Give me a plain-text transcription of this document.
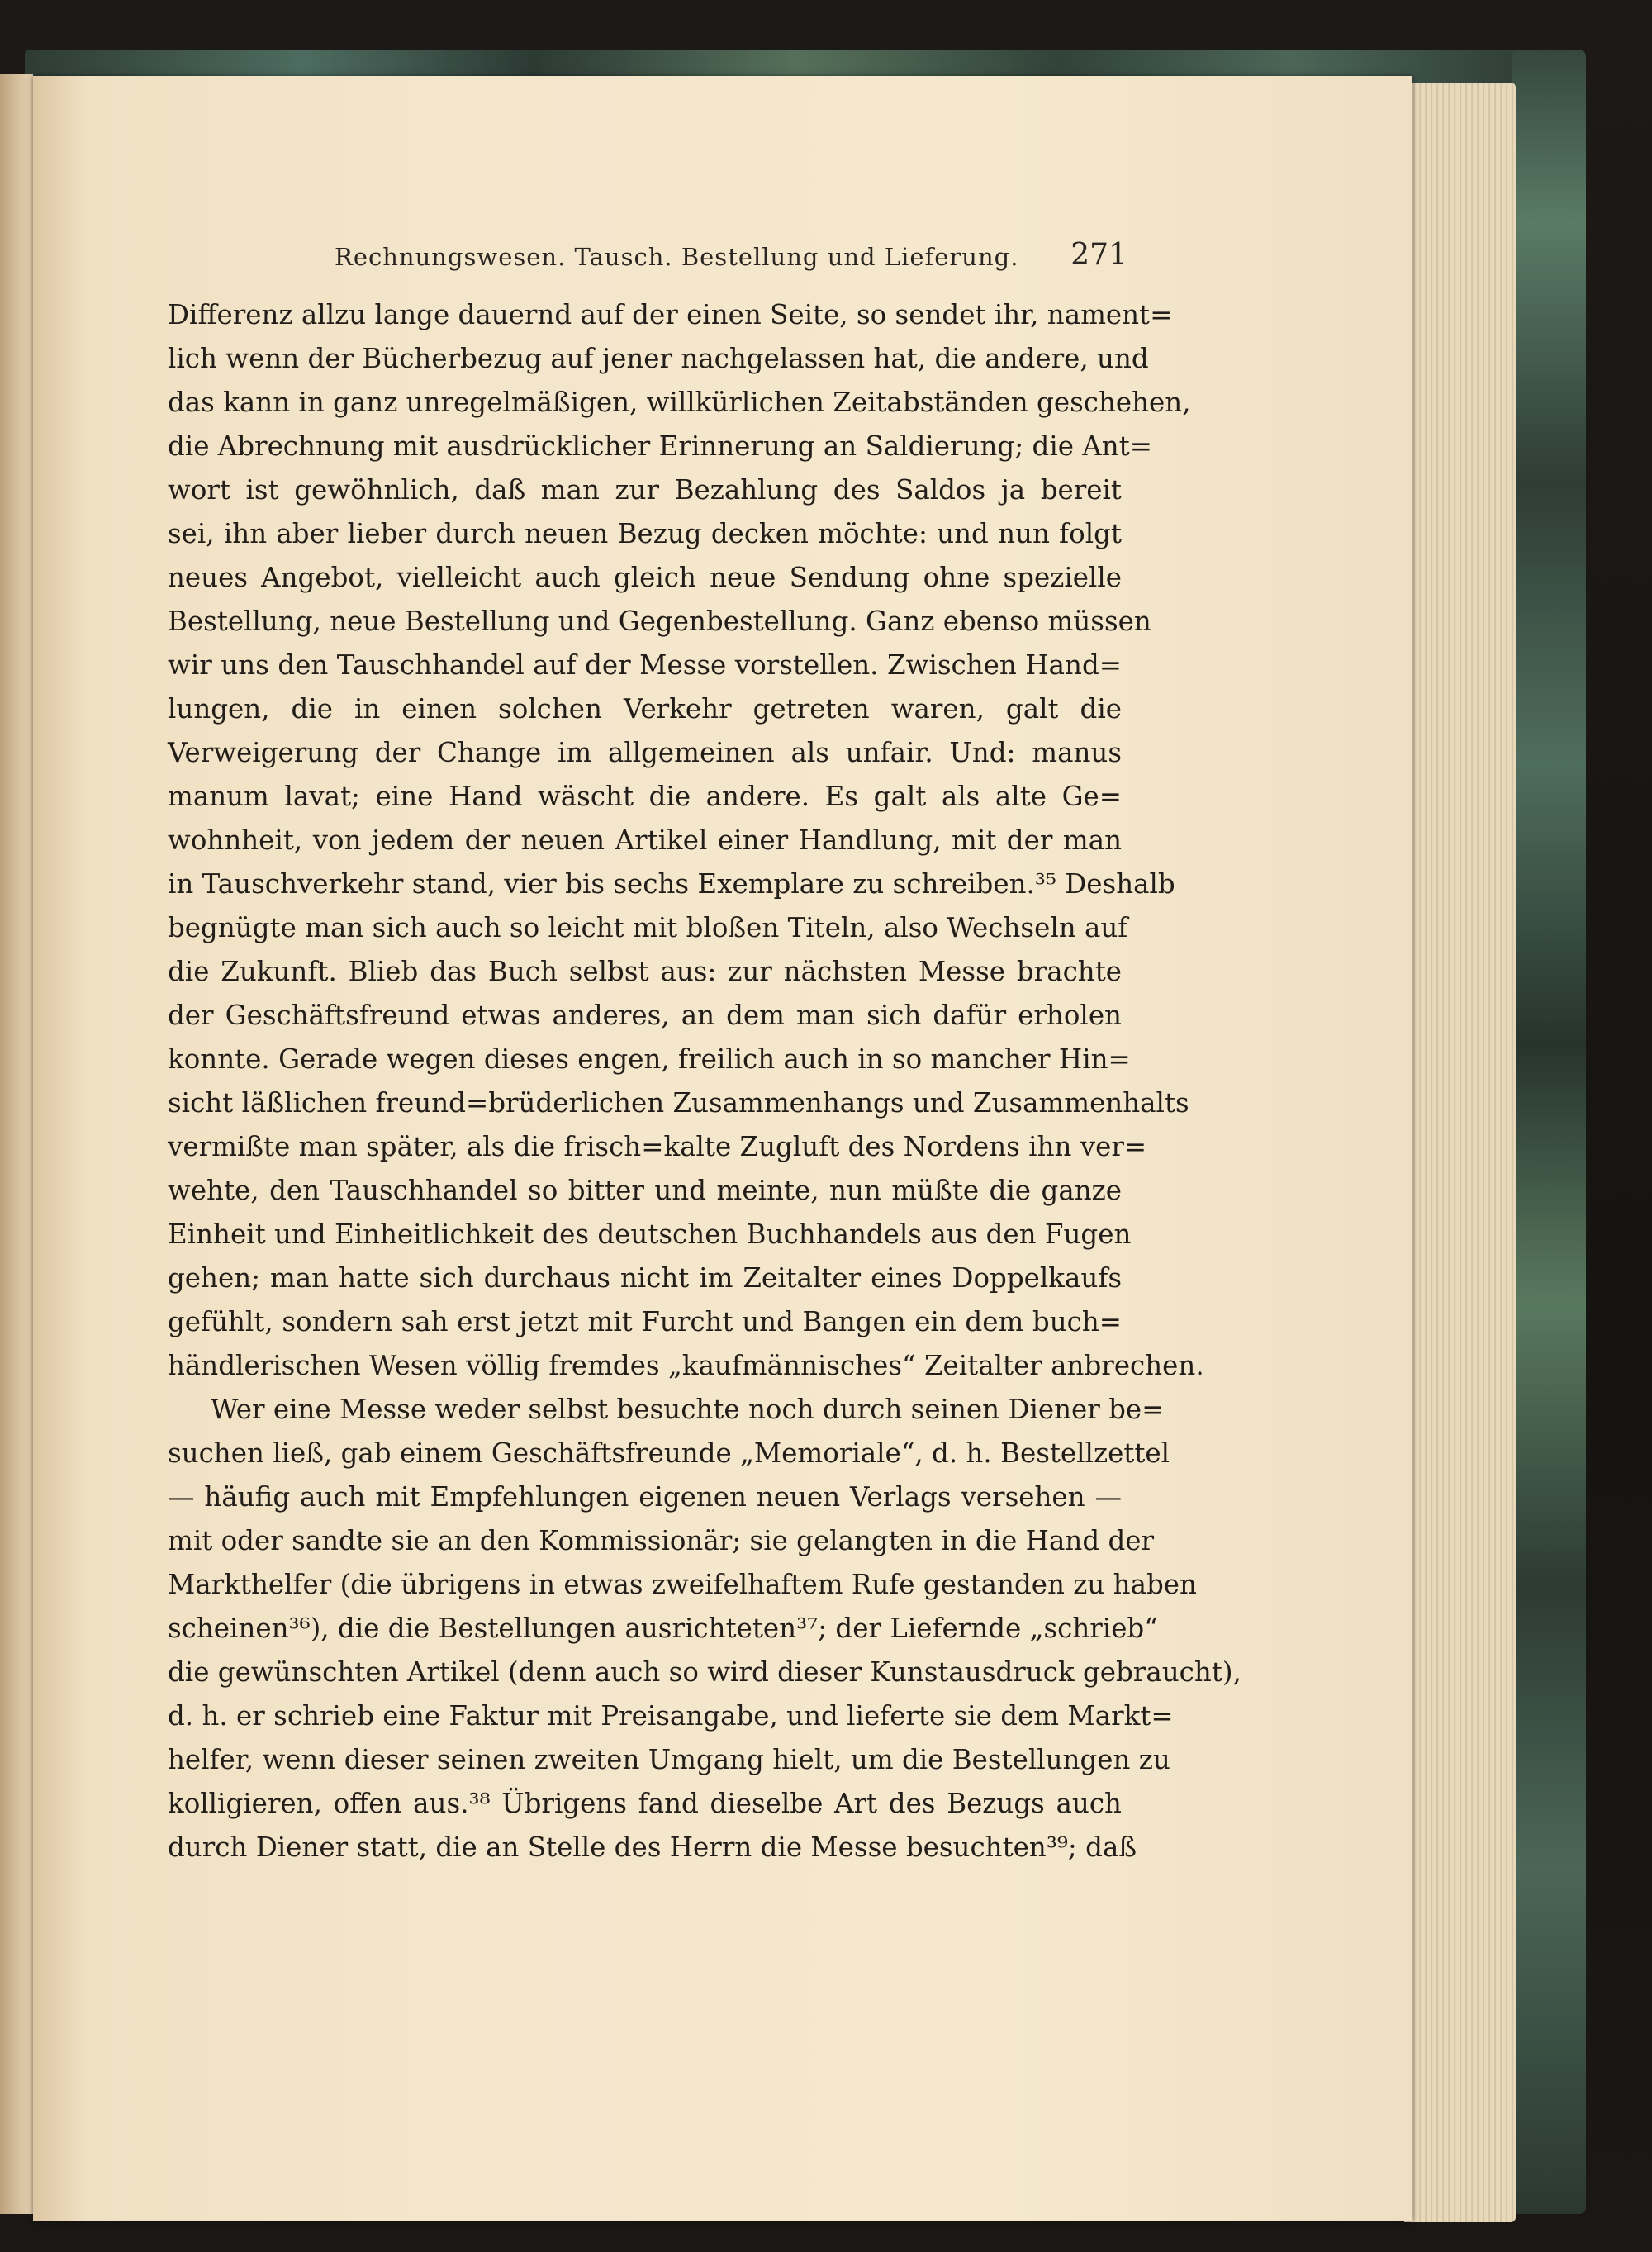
Rechnungswesen. Tausch. Bestellung und Lieferung.	271
Differenz allzu lange dauernd auf der einen Seite, so sendet ihr, nament=
lich wenn der Bücherbezug auf jener nachgelassen hat, die andere, und
das kann in ganz unregelmäßigen, willkürlichen Zeitabständen geschehen,
die Abrechnung mit ausdrücklicher Erinnerung an Saldierung; die Ant=
wort ist gewöhnlich, daß man zur Bezahlung des Saldos ja bereit
sei, ihn aber lieber durch neuen Bezug decken möchte: und nun folgt
neues Angebot, vielleicht auch gleich neue Sendung ohne spezielle
Bestellung, neue Bestellung und Gegenbestellung. Ganz ebenso müssen
wir uns den Tauschhandel auf der Messe vorstellen. Zwischen Hand=
lungen, die in einen solchen Verkehr getreten waren, galt die
Verweigerung der Change im allgemeinen als unfair. Und: manus
manum lavat; eine Hand wäscht die andere. Es galt als alte Ge=
wohnheit, von jedem der neuen Artikel einer Handlung, mit der man
in Tauschverkehr stand, vier bis sechs Exemplare zu schreiben.³⁵ Deshalb
begnügte man sich auch so leicht mit bloßen Titeln, also Wechseln auf
die Zukunft. Blieb das Buch selbst aus: zur nächsten Messe brachte
der Geschäftsfreund etwas anderes, an dem man sich dafür erholen
konnte. Gerade wegen dieses engen, freilich auch in so mancher Hin=
sicht läßlichen freund=brüderlichen Zusammenhangs und Zusammenhalts
vermißte man später, als die frisch=kalte Zugluft des Nordens ihn ver=
wehte, den Tauschhandel so bitter und meinte, nun müßte die ganze
Einheit und Einheitlichkeit des deutschen Buchhandels aus den Fugen
gehen; man hatte sich durchaus nicht im Zeitalter eines Doppelkaufs
gefühlt, sondern sah erst jetzt mit Furcht und Bangen ein dem buch=
händlerischen Wesen völlig fremdes „kaufmännisches“ Zeitalter anbrechen.
Wer eine Messe weder selbst besuchte noch durch seinen Diener be=
suchen ließ, gab einem Geschäftsfreunde „Memoriale“, d. h. Bestellzettel
— häufig auch mit Empfehlungen eigenen neuen Verlags versehen —
mit oder sandte sie an den Kommissionär; sie gelangten in die Hand der
Markthelfer (die übrigens in etwas zweifelhaftem Rufe gestanden zu haben
scheinen³⁶), die die Bestellungen ausrichteten³⁷; der Liefernde „schrieb“
die gewünschten Artikel (denn auch so wird dieser Kunstausdruck gebraucht),
d. h. er schrieb eine Faktur mit Preisangabe, und lieferte sie dem Markt=
helfer, wenn dieser seinen zweiten Umgang hielt, um die Bestellungen zu
kolligieren, offen aus.³⁸ Übrigens fand dieselbe Art des Bezugs auch
durch Diener statt, die an Stelle des Herrn die Messe besuchten³⁹; daß
